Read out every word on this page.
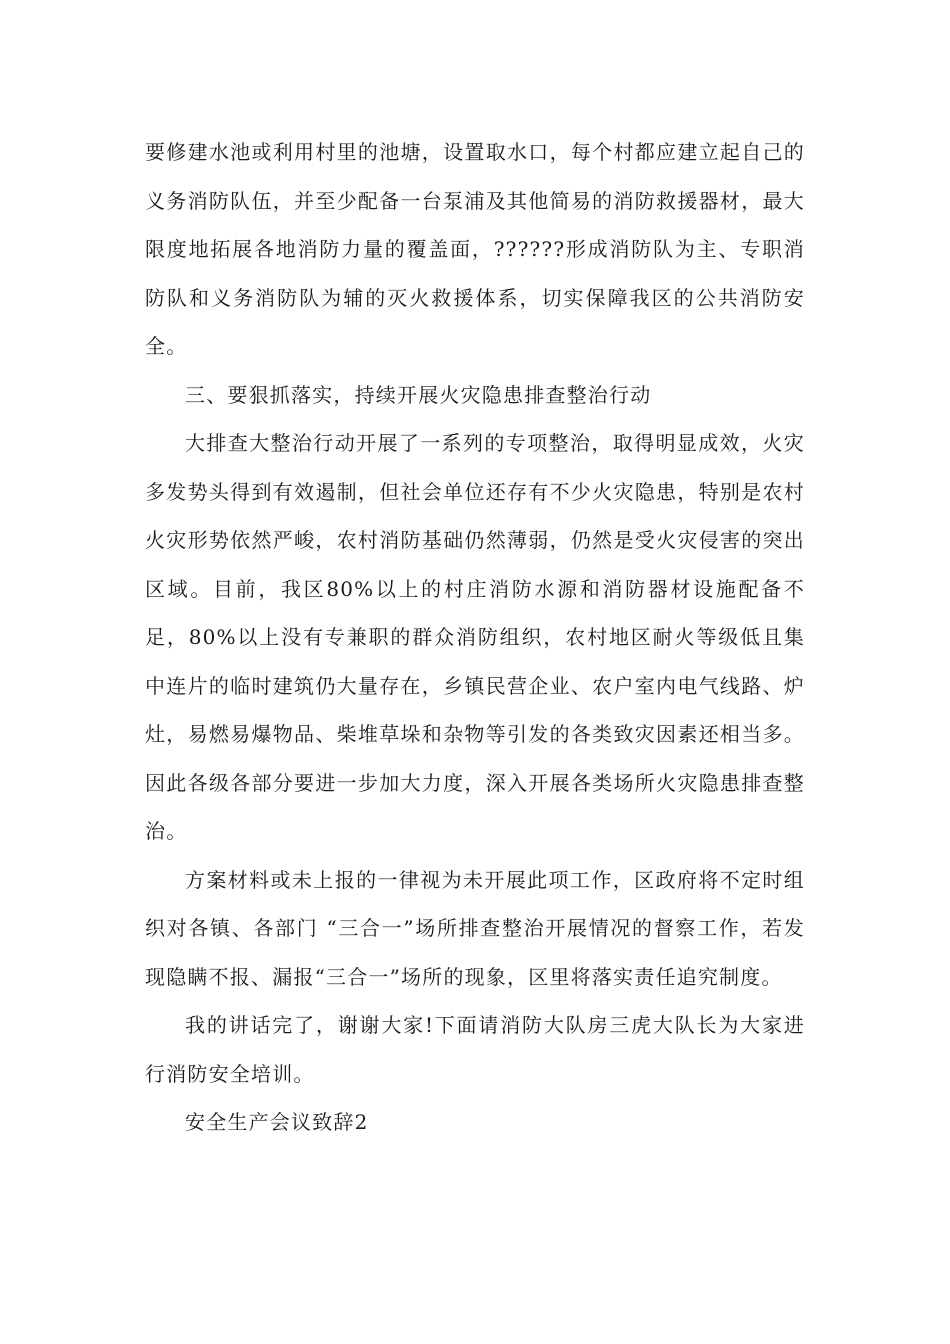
要修建水池或利用村里的池塘，设置取水口，每个村都应建立起自己的义务消防队伍，并至少配备一台泵浦及其他简易的消防救援器材，最大限度地拓展各地消防力量的覆盖面，??????形成消防队为主、专职消防队和义务消防队为辅的灭火救援体系，切实保障我区的公共消防安全。

三、要狠抓落实，持续开展火灾隐患排查整治行动

大排查大整治行动开展了一系列的专项整治，取得明显成效，火灾多发势头得到有效遏制，但社会单位还存有不少火灾隐患，特别是农村火灾形势依然严峻，农村消防基础仍然薄弱，仍然是受火灾侵害的突出区域。目前，我区80%以上的村庄消防水源和消防器材设施配备不足，80%以上没有专兼职的群众消防组织，农村地区耐火等级低且集中连片的临时建筑仍大量存在，乡镇民营企业、农户室内电气线路、炉灶，易燃易爆物品、柴堆草垛和杂物等引发的各类致灾因素还相当多。因此各级各部分要进一步加大力度，深入开展各类场所火灾隐患排查整治。

方案材料或未上报的一律视为未开展此项工作，区政府将不定时组织对各镇、各部门 “三合一”场所排查整治开展情况的督察工作，若发现隐瞒不报、漏报“三合一”场所的现象，区里将落实责任追究制度。

我的讲话完了，谢谢大家!下面请消防大队房三虎大队长为大家进行消防安全培训。

安全生产会议致辞2
